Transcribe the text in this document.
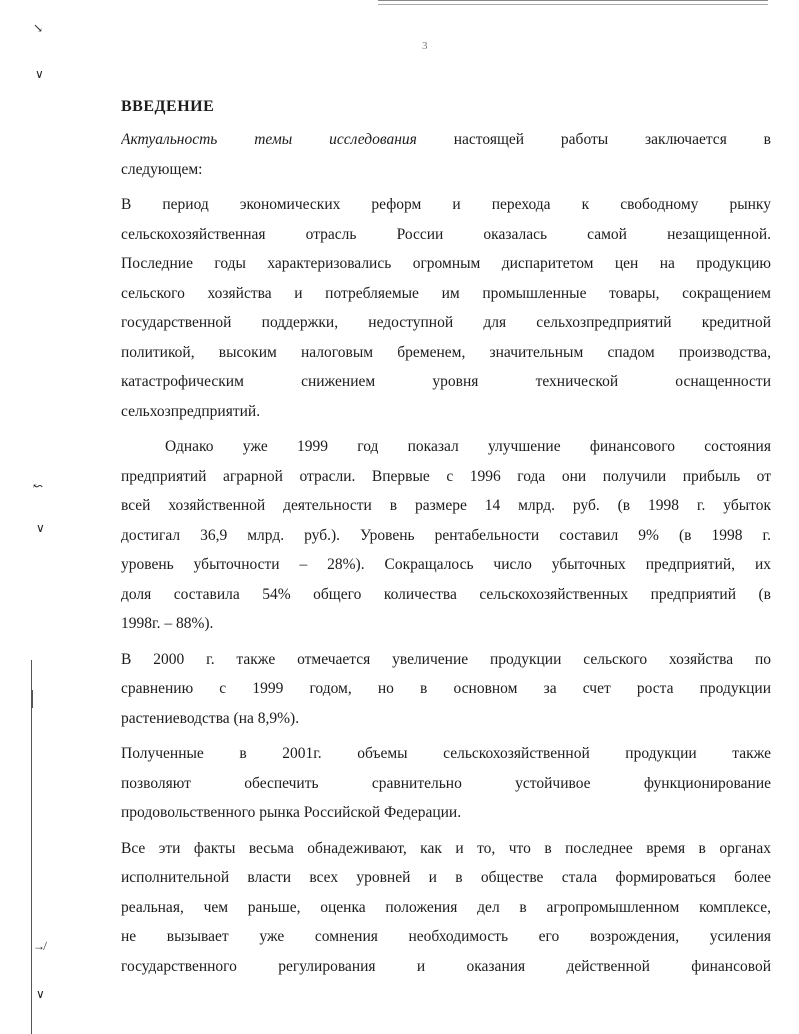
3
↘
∨
↜
∨
↛
∨
ВВЕДЕНИЕ
Актуальность темы исследования настоящей работы заключается в
следующем:
В период экономических реформ и перехода к свободному рынку
сельскохозяйственная отрасль России оказалась самой незащищенной.
Последние годы характеризовались огромным диспаритетом цен на продукцию
сельского хозяйства и потребляемые им промышленные товары, сокращением
государственной поддержки, недоступной для сельхозпредприятий кредитной
политикой, высоким налоговым бременем, значительным спадом производства,
катастрофическим снижением уровня технической оснащенности
сельхозпредприятий.
Однако уже 1999 год показал улучшение финансового состояния
предприятий аграрной отрасли. Впервые с 1996 года они получили прибыль от
всей хозяйственной деятельности в размере 14 млрд. руб. (в 1998 г. убыток
достигал 36,9 млрд. руб.). Уровень рентабельности составил 9% (в 1998 г.
уровень убыточности – 28%). Сокращалось число убыточных предприятий, их
доля составила 54% общего количества сельскохозяйственных предприятий (в
1998г. – 88%).
В 2000 г. также отмечается увеличение продукции сельского хозяйства по
сравнению с 1999 годом, но в основном за счет роста продукции
растениеводства (на 8,9%).
Полученные в 2001г. объемы сельскохозяйственной продукции также
позволяют обеспечить сравнительно устойчивое функционирование
продовольственного рынка Российской Федерации.
Все эти факты весьма обнадеживают, как и то, что в последнее время в органах
исполнительной власти всех уровней и в обществе стала формироваться более
реальная, чем раньше, оценка положения дел в агропромышленном комплексе,
не вызывает уже сомнения необходимость его возрождения, усиления
государственного регулирования и оказания действенной финансовой
